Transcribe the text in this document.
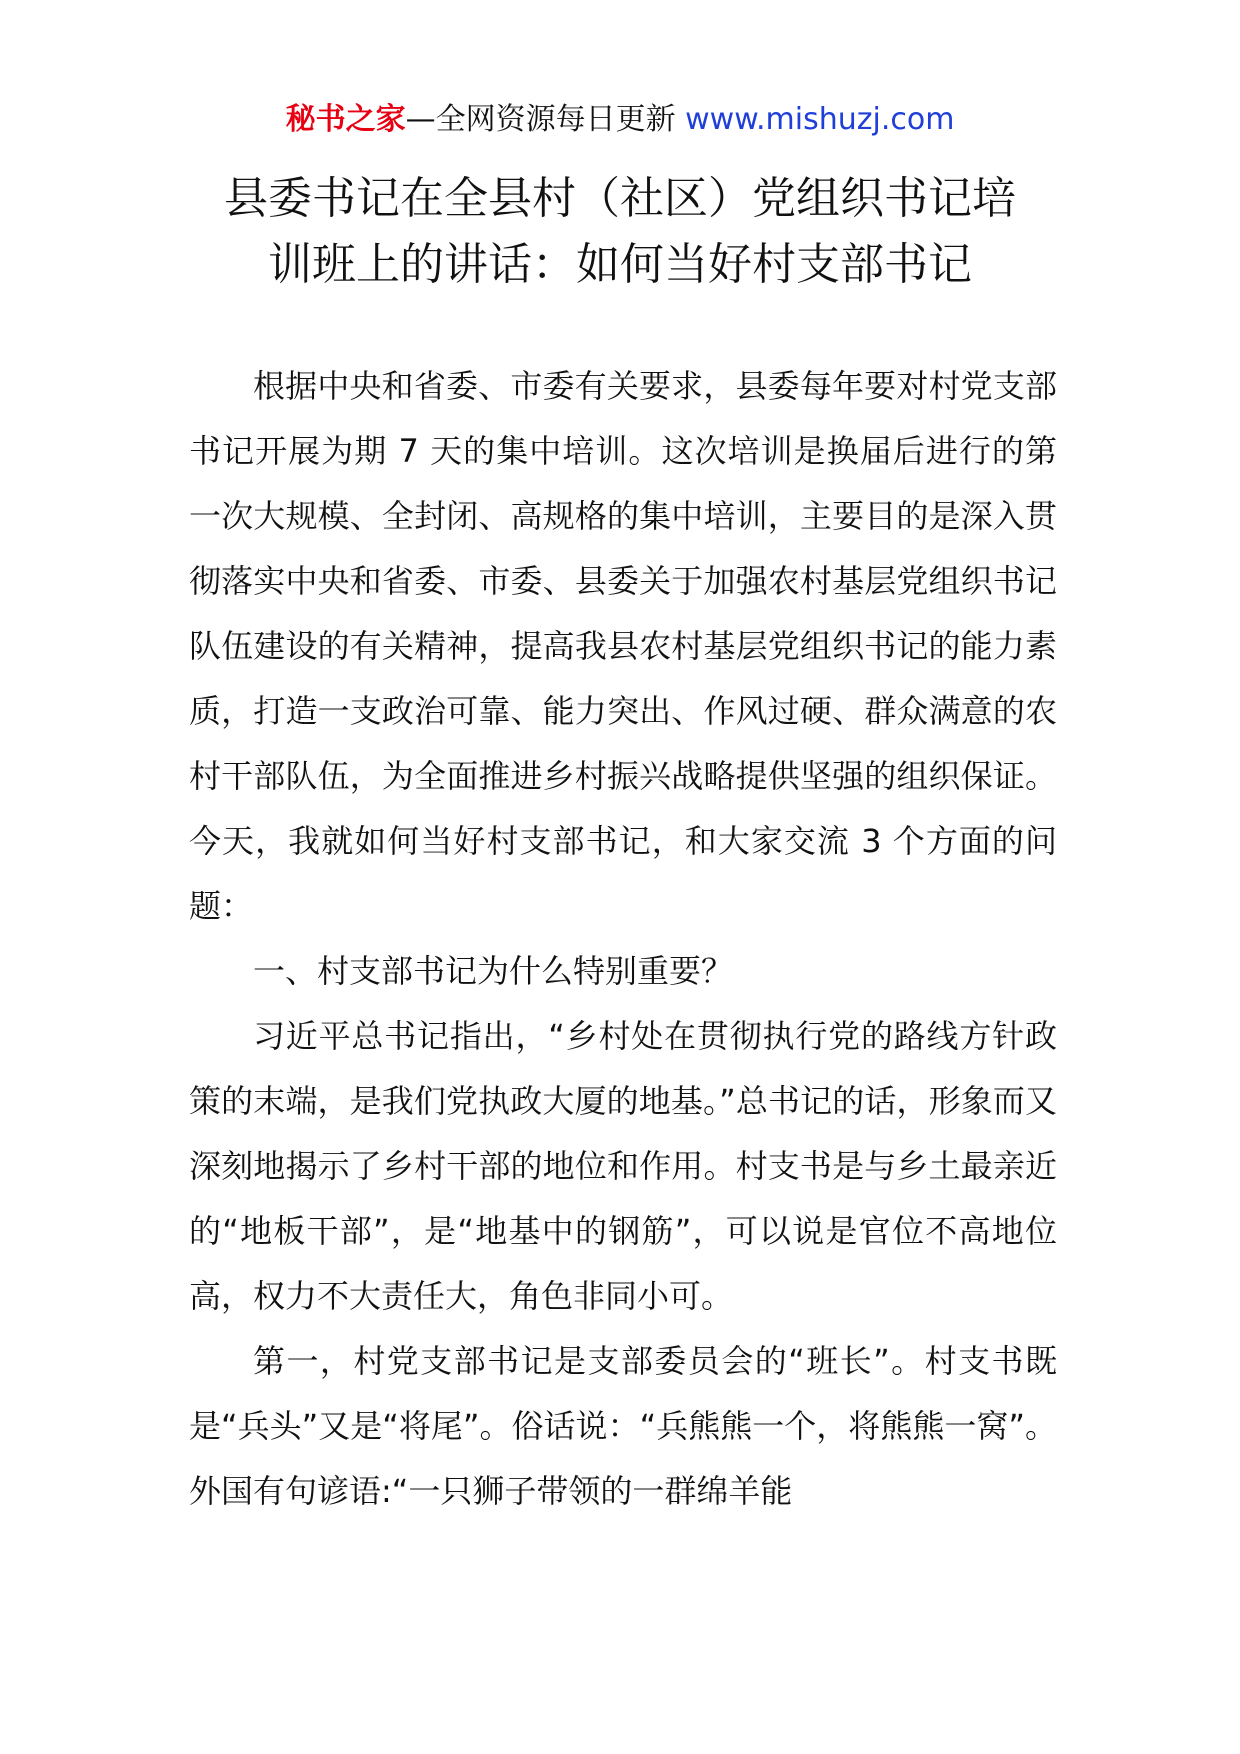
秘书之家—全网资源每日更新 www.mishuzj.com
县委书记在全县村（社区）党组织书记培
训班上的讲话：如何当好村支部书记

根据中央和省委、市委有关要求，县委每年要对村党支部书记开展为期 7 天的集中培训。这次培训是换届后进行的第一次大规模、全封闭、高规格的集中培训，主要目的是深入贯彻落实中央和省委、市委、县委关于加强农村基层党组织书记队伍建设的有关精神，提高我县农村基层党组织书记的能力素质，打造一支政治可靠、能力突出、作风过硬、群众满意的农村干部队伍，为全面推进乡村振兴战略提供坚强的组织保证。今天，我就如何当好村支部书记，和大家交流 3 个方面的问题：

一、村支部书记为什么特别重要？

习近平总书记指出，“乡村处在贯彻执行党的路线方针政策的末端，是我们党执政大厦的地基。”总书记的话，形象而又深刻地揭示了乡村干部的地位和作用。村支书是与乡土最亲近的“地板干部”，是“地基中的钢筋”，可以说是官位不高地位高，权力不大责任大，角色非同小可。

第一，村党支部书记是支部委员会的“班长”。村支书既是“兵头”又是“将尾”。俗话说：“兵熊熊一个，将熊熊一窝”。外国有句谚语:“一只狮子带领的一群绵羊能
